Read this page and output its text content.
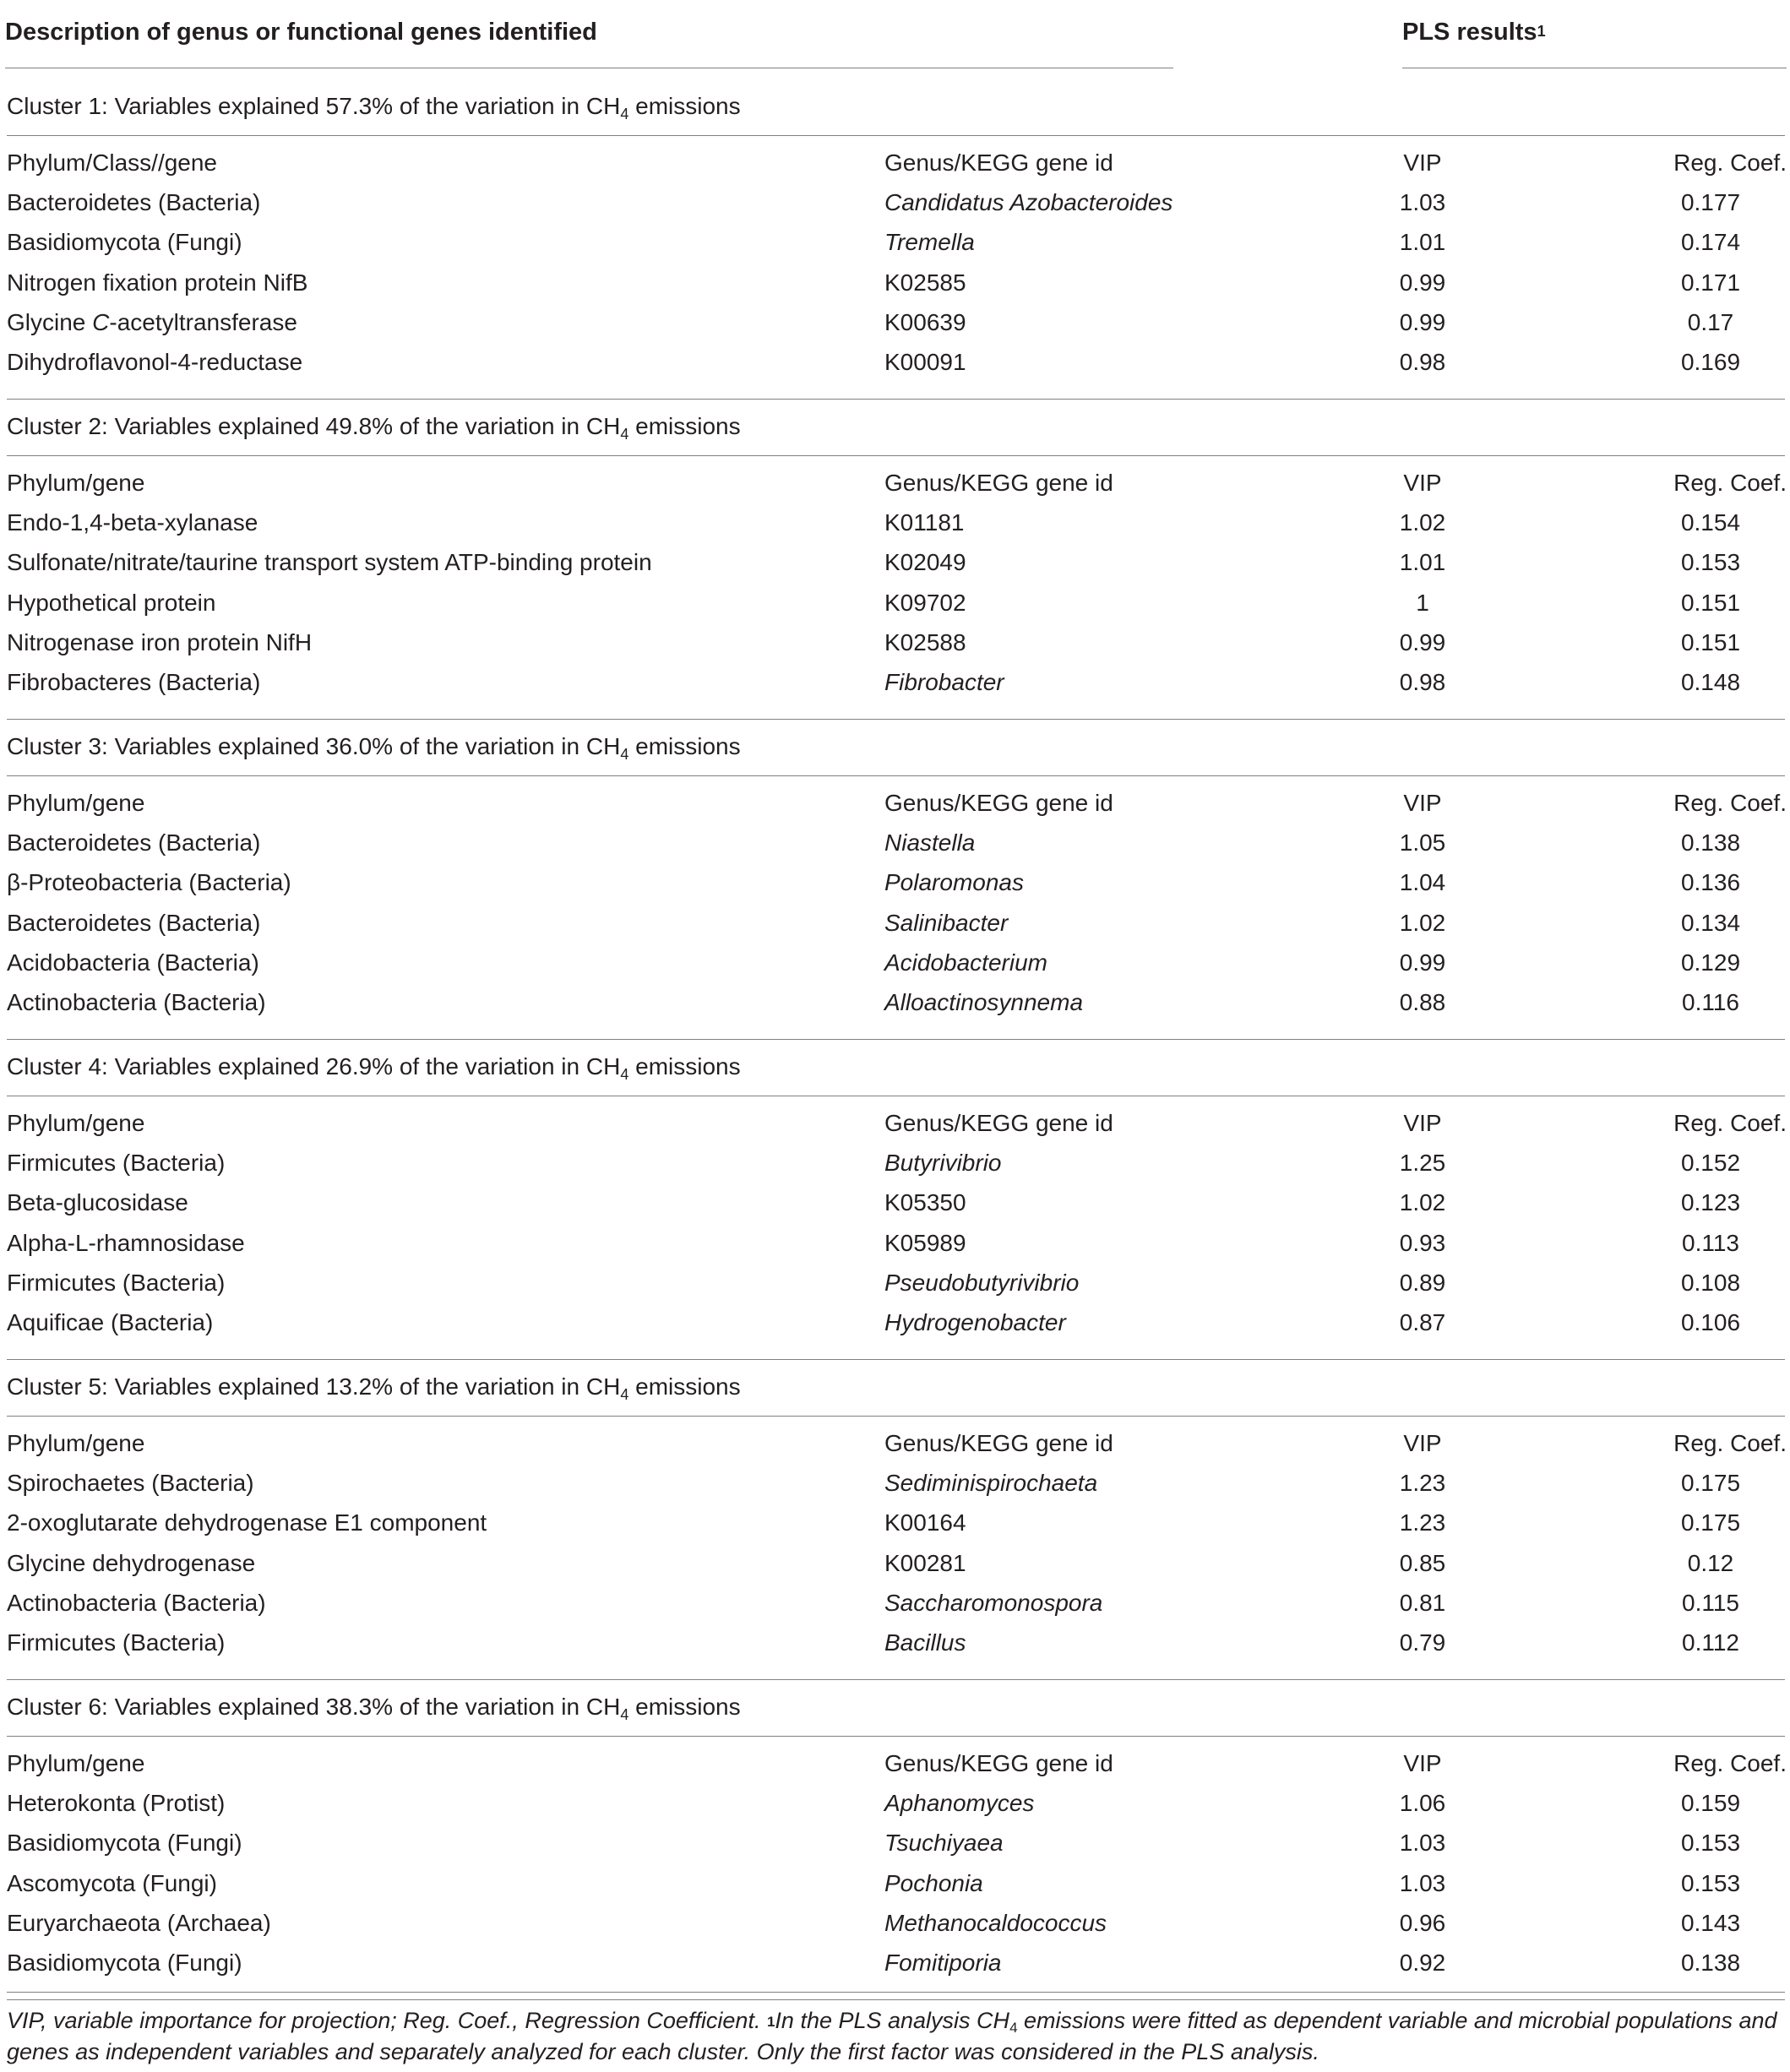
Description of genus or functional genes identified	PLS results$^1$
Cluster 1: Variables explained 57.3% of the variation in $CH_4$ emissions
Phylum/Class//gene	Genus/KEGG gene id	VIP	Reg. Coef.
Bacteroidetes (Bacteria)	Candidatus Azobacteroides	1.03	0.177
Basidiomycota (Fungi)	Tremella	1.01	0.174
Nitrogen fixation protein NifB	K02585	0.99	0.171
Glycine C-acetyltransferase	K00639	0.99	0.17
Dihydroflavonol-4-reductase	K00091	0.98	0.169
Cluster 2: Variables explained 49.8% of the variation in $CH_4$ emissions
Phylum/gene	Genus/KEGG gene id	VIP	Reg. Coef.
Endo-1,4-beta-xylanase	K01181	1.02	0.154
Sulfonate/nitrate/taurine transport system ATP-binding protein	K02049	1.01	0.153
Hypothetical protein	K09702	1	0.151
Nitrogenase iron protein NifH	K02588	0.99	0.151
Fibrobacteres (Bacteria)	Fibrobacter	0.98	0.148
Cluster 3: Variables explained 36.0% of the variation in $CH_4$ emissions
Phylum/gene	Genus/KEGG gene id	VIP	Reg. Coef.
Bacteroidetes (Bacteria)	Niastella	1.05	0.138
β-Proteobacteria (Bacteria)	Polaromonas	1.04	0.136
Bacteroidetes (Bacteria)	Salinibacter	1.02	0.134
Acidobacteria (Bacteria)	Acidobacterium	0.99	0.129
Actinobacteria (Bacteria)	Alloactinosynnema	0.88	0.116
Cluster 4: Variables explained 26.9% of the variation in $CH_4$ emissions
Phylum/gene	Genus/KEGG gene id	VIP	Reg. Coef.
Firmicutes (Bacteria)	Butyrivibrio	1.25	0.152
Beta-glucosidase	K05350	1.02	0.123
Alpha-L-rhamnosidase	K05989	0.93	0.113
Firmicutes (Bacteria)	Pseudobutyrivibrio	0.89	0.108
Aquificae (Bacteria)	Hydrogenobacter	0.87	0.106
Cluster 5: Variables explained 13.2% of the variation in $CH_4$ emissions
Phylum/gene	Genus/KEGG gene id	VIP	Reg. Coef.
Spirochaetes (Bacteria)	Sediminispirochaeta	1.23	0.175
2-oxoglutarate dehydrogenase E1 component	K00164	1.23	0.175
Glycine dehydrogenase	K00281	0.85	0.12
Actinobacteria (Bacteria)	Saccharomonospora	0.81	0.115
Firmicutes (Bacteria)	Bacillus	0.79	0.112
Cluster 6: Variables explained 38.3% of the variation in $CH_4$ emissions
Phylum/gene	Genus/KEGG gene id	VIP	Reg. Coef.
Heterokonta (Protist)	Aphanomyces	1.06	0.159
Basidiomycota (Fungi)	Tsuchiyaea	1.03	0.153
Ascomycota (Fungi)	Pochonia	1.03	0.153
Euryarchaeota (Archaea)	Methanocaldococcus	0.96	0.143
Basidiomycota (Fungi)	Fomitiporia	0.92	0.138
VIP, variable importance for projection; Reg. Coef., Regression Coefficient. $^1$In the PLS analysis $CH_4$ emissions were fitted as dependent variable and microbial populations and genes as independent variables and separately analyzed for each cluster. Only the first factor was considered in the PLS analysis.
